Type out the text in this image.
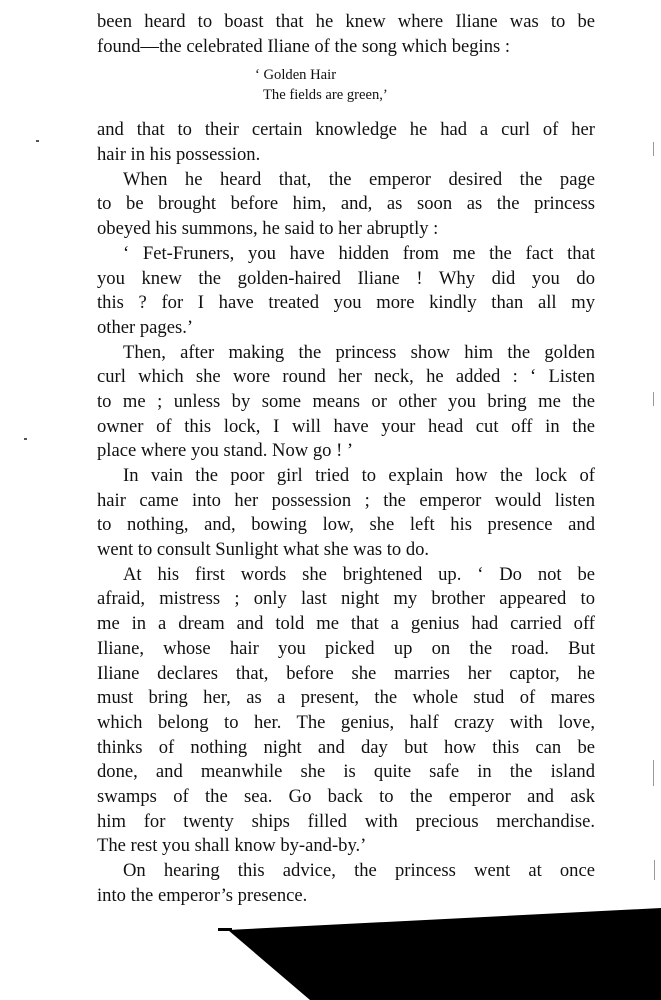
been heard to boast that he knew where Iliane was to be
found—the celebrated Iliane of the song which begins :
‘ Golden Hair
The fields are green,’
and that to their certain knowledge he had a curl of her
hair in his possession.
When he heard that, the emperor desired the page
to be brought before him, and, as soon as the princess
obeyed his summons, he said to her abruptly :
‘ Fet-Fruners, you have hidden from me the fact that
you knew the golden-haired Iliane ! Why did you do
this ? for I have treated you more kindly than all my
other pages.’
Then, after making the princess show him the golden
curl which she wore round her neck, he added : ‘ Listen
to me ; unless by some means or other you bring me the
owner of this lock, I will have your head cut off in the
place where you stand. Now go ! ’
In vain the poor girl tried to explain how the lock of
hair came into her possession ; the emperor would listen
to nothing, and, bowing low, she left his presence and
went to consult Sunlight what she was to do.
At his first words she brightened up. ‘ Do not be
afraid, mistress ; only last night my brother appeared to
me in a dream and told me that a genius had carried off
Iliane, whose hair you picked up on the road. But
Iliane declares that, before she marries her captor, he
must bring her, as a present, the whole stud of mares
which belong to her. The genius, half crazy with love,
thinks of nothing night and day but how this can be
done, and meanwhile she is quite safe in the island
swamps of the sea. Go back to the emperor and ask
him for twenty ships filled with precious merchandise.
The rest you shall know by-and-by.’
On hearing this advice, the princess went at once
into the emperor’s presence.
